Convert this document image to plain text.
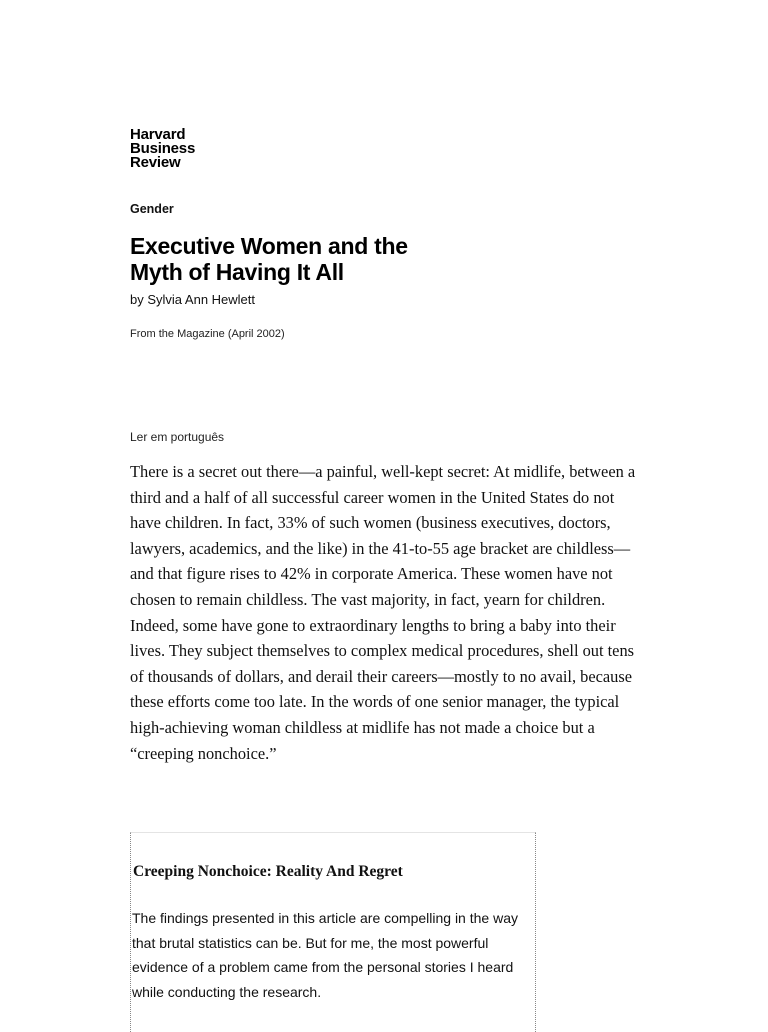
Harvard
Business
Review
Gender
Executive Women and the
Myth of Having It All
by Sylvia Ann Hewlett
From the Magazine (April 2002)
Ler em português

There is a secret out there—a painful, well-kept secret: At midlife, between a third and a half of all successful career women in the United States do not have children. In fact, 33% of such women (business executives, doctors, lawyers, academics, and the like) in the 41-to-55 age bracket are childless—and that figure rises to 42% in corporate America. These women have not chosen to remain childless. The vast majority, in fact, yearn for children. Indeed, some have gone to extraordinary lengths to bring a baby into their lives. They subject themselves to complex medical procedures, shell out tens of thousands of dollars, and derail their careers—mostly to no avail, because these efforts come too late. In the words of one senior manager, the typical high-achieving woman childless at midlife has not made a choice but a “creeping nonchoice.”

Creeping Nonchoice: Reality And Regret

The findings presented in this article are compelling in the way that brutal statistics can be. But for me, the most powerful evidence of a problem came from the personal stories I heard while conducting the research.
